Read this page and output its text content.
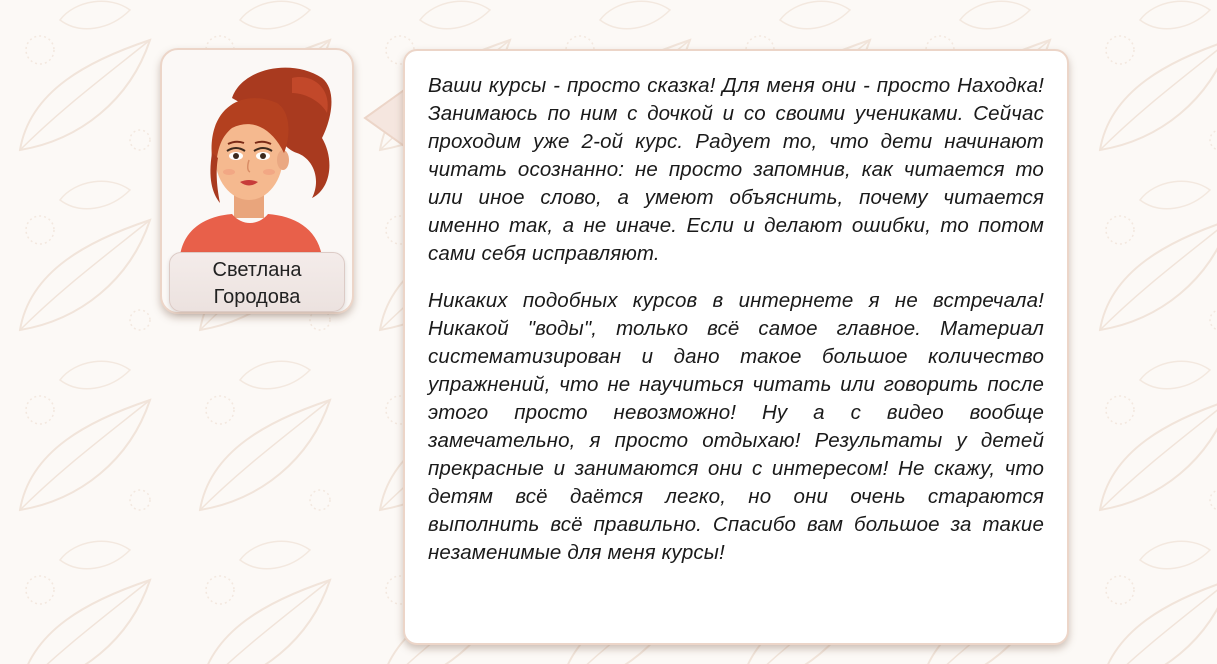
Светлана
Городова

Ваши курсы - просто сказка! Для меня они - просто Находка! Занимаюсь по ним с дочкой и со своими учениками. Сейчас проходим уже 2-ой курс. Радует то, что дети начинают читать осознанно: не просто запомнив, как читается то или иное слово, а умеют объяснить, почему читается именно так, а не иначе. Если и делают ошибки, то потом сами себя исправляют.

Никаких подобных курсов в интернете я не встречала! Никакой "воды", только всё самое главное. Материал систематизирован и дано такое большое количество упражнений, что не научиться читать или говорить после этого просто невозможно! Ну а с видео вообще замечательно, я просто отдыхаю! Результаты у детей прекрасные и занимаются они с интересом! Не скажу, что детям всё даётся легко, но они очень стараются выполнить всё правильно. Спасибо вам большое за такие незаменимые для меня курсы!
